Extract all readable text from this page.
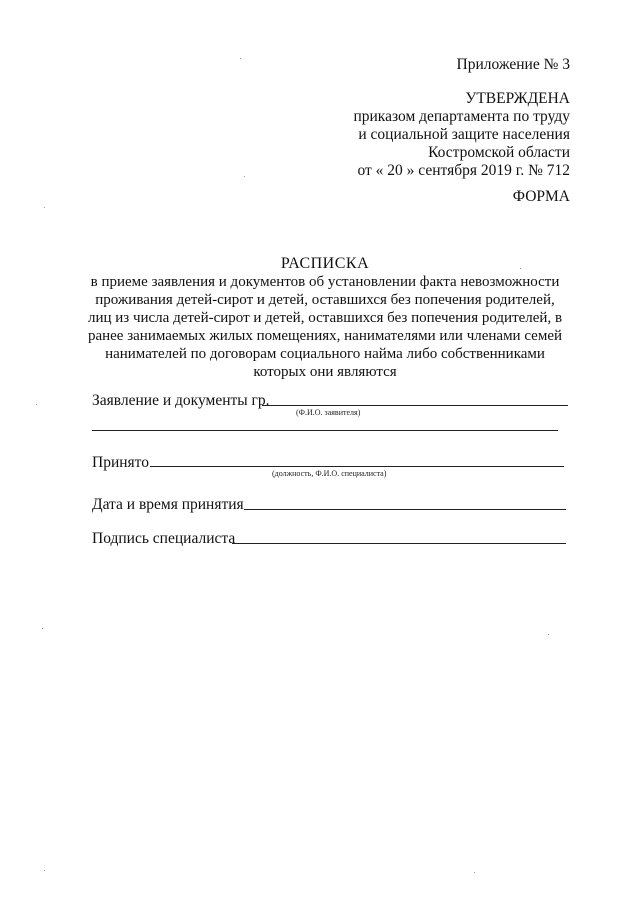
Приложение № 3
УТВЕРЖДЕНА
приказом департамента по труду
и социальной защите населения
Костромской области
от « 20 » сентября 2019 г. № 712
ФОРМА
РАСПИСКА
в приеме заявления и документов об установлении факта невозможности
проживания детей-сирот и детей, оставшихся без попечения родителей,
лиц из числа детей-сирот и детей, оставшихся без попечения родителей, в
ранее занимаемых жилых помещениях, нанимателями или членами семей
нанимателей по договорам социального найма либо собственниками
которых они являются
Заявление и документы гр.
(Ф.И.О. заявителя)
Принято
(должность, Ф.И.О. специалиста)
Дата и время принятия
Подпись специалиста
